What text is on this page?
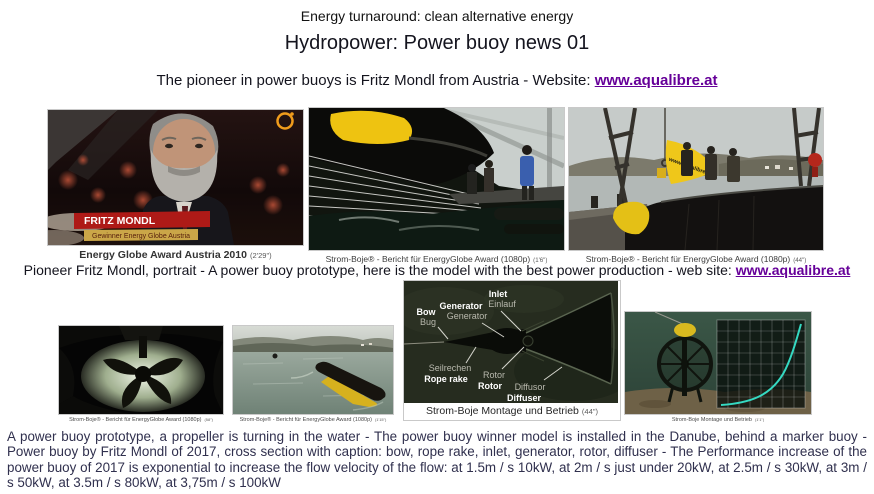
Energy turnaround: clean alternative energy
Hydropower: Power buoy news 01
The pioneer in power buoys is Fritz Mondl from Austria - Website: www.aqualibre.at
FRITZ MONDL
Gewinner Energy Globe Austria
Energy Globe Award Austria 2010 (2'29")	Strom-Boje® - Bericht für EnergyGlobe Award (1080p) (1'6")	Strom-Boje® - Bericht für EnergyGlobe Award (1080p) (44")
Pioneer Fritz Mondl, portrait - A power buoy prototype, here is the model with the best power production - web site: www.aqualibre.at
Strom-Boje® - Bericht für EnergyGlobe Award (1080p) (58")	Strom-Boje® - Bericht für EnergyGlobe Award (1080p) (1'15")
Inlet
Einlauf
Generator
Generator
Bow
Bug
Seilrechen
Rope rake Rotor
Rotor Diffusor
Diffuser
Strom-Boje Montage und Betrieb (44")
Strom-Boje Montage und Betrieb (1'1")
A power buoy prototype, a propeller is turning in the water - The power buoy winner model is installed in the Danube, behind a marker buoy - Power buoy by Fritz Mondl of 2017, cross section with caption: bow, rope rake, inlet, generator, rotor, diffuser - The Performance increase of the power buoy of 2017 is exponential to increase the flow velocity of the flow: at 1.5m / s 10kW, at 2m / s just under 20kW, at 2.5m / s 30kW, at 3m / s 50kW, at 3.5m / s 80kW, at 3,75m / s 100kW
